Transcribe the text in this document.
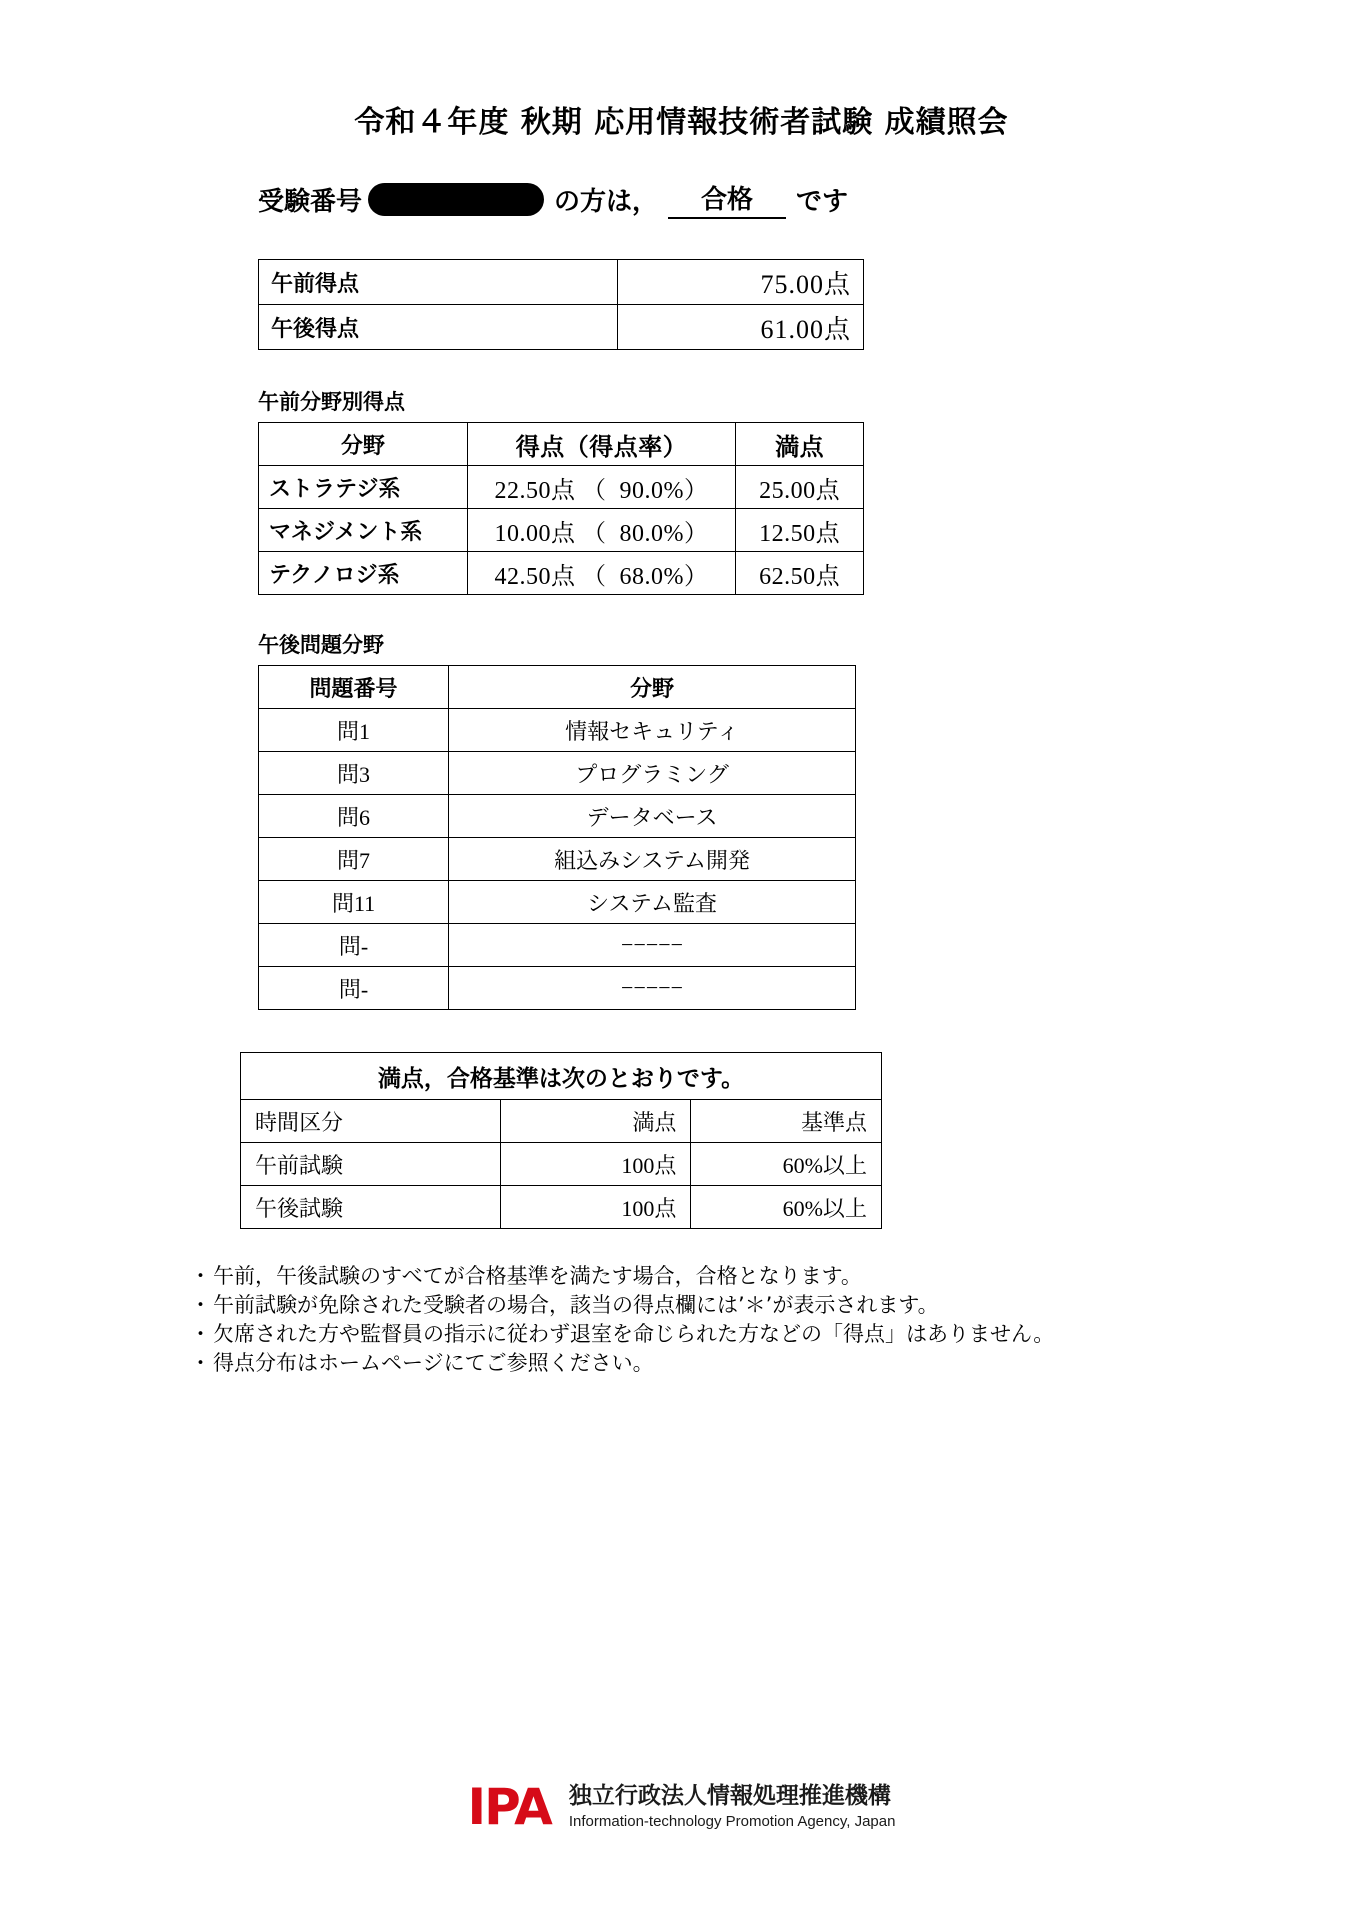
令和４年度 秋期 応用情報技術者試験 成績照会
受験番号	の方は，	合格	です
午前得点	75.00点
午後得点	61.00点
午前分野別得点
分野	得点（得点率）	満点
ストラテジ系	22.50点 （  90.0%）	25.00点
マネジメント系	10.00点 （  80.0%）	12.50点
テクノロジ系	42.50点 （  68.0%）	62.50点
午後問題分野
問題番号	分野
問1	情報セキュリティ
問3	プログラミング
問6	データベース
問7	組込みシステム開発
問11	システム監査
問-	−−−−−
問-	−−−−−
満点，合格基準は次のとおりです。		
時間区分	満点	基準点
午前試験	100点	60%以上
午後試験	100点	60%以上
・ 午前，午後試験のすべてが合格基準を満たす場合，合格となります。
・ 午前試験が免除された受験者の場合，該当の得点欄には’＊’が表示されます。
・ 欠席された方や監督員の指示に従わず退室を命じられた方などの「得点」はありません。
・ 得点分布はホームページにてご参照ください。
IPA 独立行政法人情報処理推進機構
Information-technology Promotion Agency, Japan
